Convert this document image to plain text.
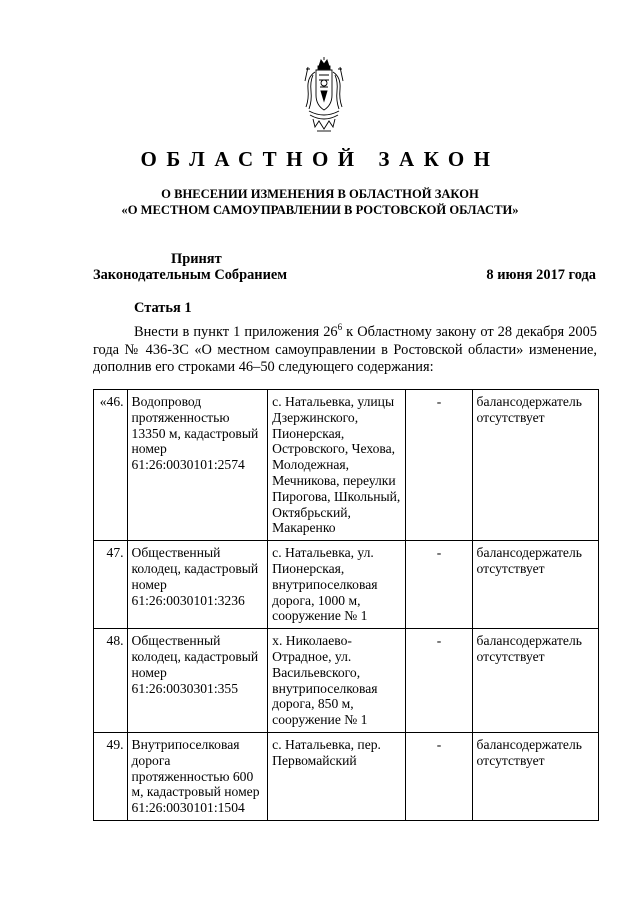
ОБЛАСТНОЙ ЗАКОН
О ВНЕСЕНИИ ИЗМЕНЕНИЯ В ОБЛАСТНОЙ ЗАКОН
«О МЕСТНОМ САМОУПРАВЛЕНИИ В РОСТОВСКОЙ ОБЛАСТИ»
Принят
Законодательным Собранием	8 июня 2017 года
Статья 1
Внести в пункт 1 приложения $26^6$ к Областному закону от 28 декабря 2005 года № 436-ЗС «О местном самоуправлении в Ростовской области» изменение, дополнив его строками 46–50 следующего содержания:
«46.	Водопровод протяженностью 13350 м, кадастровый номер 61:26:0030101:2574	с. Натальевка, улицы Дзержинского, Пионерская, Островского, Чехова, Молодежная, Мечникова, переулки Пирогова, Школьный, Октябрьский, Макаренко	-	балансодержатель отсутствует
47.	Общественный колодец, кадастровый номер 61:26:0030101:3236	с. Натальевка, ул. Пионерская, внутрипоселковая дорога, 1000 м, сооружение № 1	-	балансодержатель отсутствует
48.	Общественный колодец, кадастровый номер 61:26:0030301:355	х. Николаево-Отрадное, ул. Васильевского, внутрипоселковая дорога, 850 м, сооружение № 1	-	балансодержатель отсутствует
49.	Внутрипоселковая дорога протяженностью 600 м, кадастровый номер 61:26:0030101:1504	с. Натальевка, пер. Первомайский	-	балансодержатель отсутствует
